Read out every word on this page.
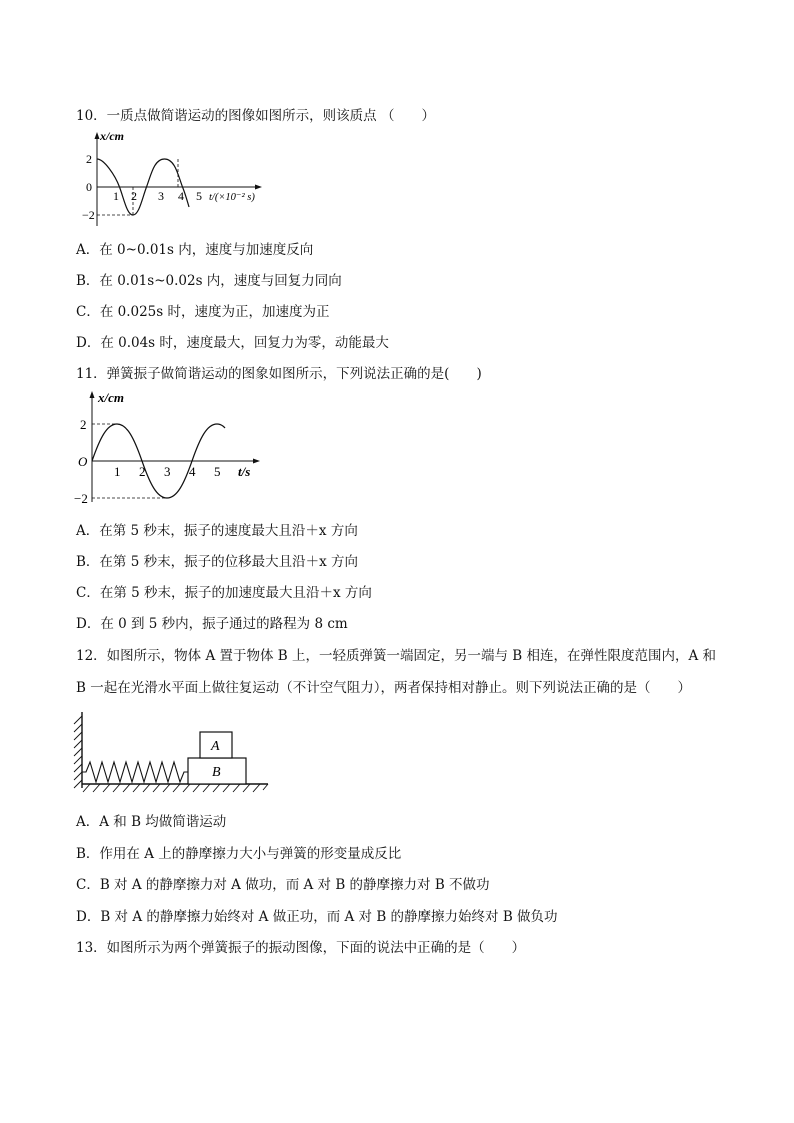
10．一质点做简谐运动的图像如图所示，则该质点 （　　）
x/cm
2
0
−2
1 2 3 4 5 t/(×10⁻² s)
A．在 0~0.01s 内，速度与加速度反向
B．在 0.01s~0.02s 内，速度与回复力同向
C．在 0.025s 时，速度为正，加速度为正
D．在 0.04s 时，速度最大，回复力为零，动能最大
11．弹簧振子做简谐运动的图象如图所示，下列说法正确的是(　　)
x/cm
2
O
−2
1 2 3 4 5 t/s
A．在第 5 秒末，振子的速度最大且沿＋x 方向
B．在第 5 秒末，振子的位移最大且沿＋x 方向
C．在第 5 秒末，振子的加速度最大且沿＋x 方向
D．在 0 到 5 秒内，振子通过的路程为 8 cm
12．如图所示，物体 A 置于物体 B 上，一轻质弹簧一端固定，另一端与 B 相连，在弹性限度范围内，A 和
B 一起在光滑水平面上做往复运动（不计空气阻力），两者保持相对静止。则下列说法正确的是（　　）
B
A
A．A 和 B 均做简谐运动
B．作用在 A 上的静摩擦力大小与弹簧的形变量成反比
C．B 对 A 的静摩擦力对 A 做功，而 A 对 B 的静摩擦力对 B 不做功
D．B 对 A 的静摩擦力始终对 A 做正功，而 A 对 B 的静摩擦力始终对 B 做负功
13．如图所示为两个弹簧振子的振动图像，下面的说法中正确的是（　　）
